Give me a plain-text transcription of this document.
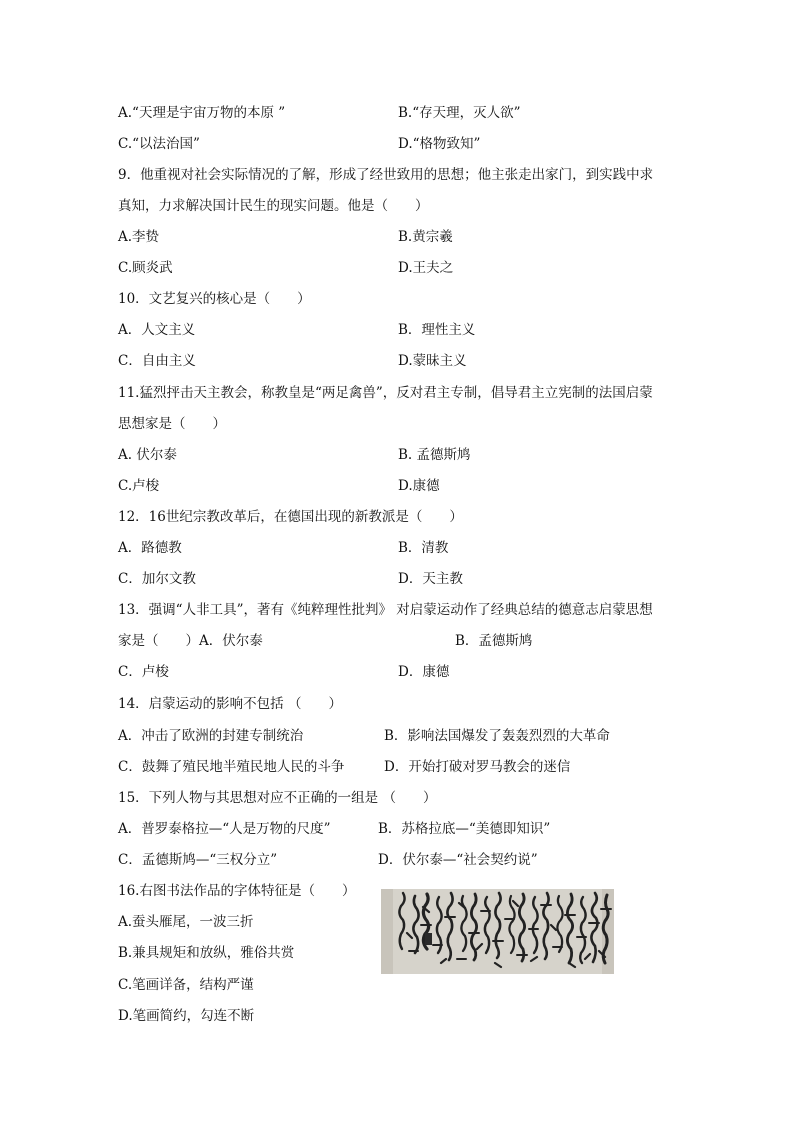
A.“天理是宇宙万物的本原 ”	B.“存天理，灭人欲”
C.“以法治国”	D.“格物致知”
9．他重视对社会实际情况的了解，形成了经世致用的思想；他主张走出家门，到实践中求
真知，力求解决国计民生的现实问题。他是（　　）
A.李贽	B.黄宗羲
C.顾炎武	D.王夫之
10．文艺复兴的核心是（　　）
A．人文主义	B．理性主义
C．自由主义	D.蒙昧主义
11.猛烈抨击天主教会，称教皇是“两足禽兽”，反对君主专制，倡导君主立宪制的法国启蒙
思想家是（　　）
A. 伏尔泰	B. 孟德斯鸠
C.卢梭	D.康德
12．16世纪宗教改革后，在德国出现的新教派是（　　）
A．路德教	B．清教
C．加尔文教	D．天主教
13．强调“人非工具”，著有《纯粹理性批判》 对启蒙运动作了经典总结的德意志启蒙思想
家是（　　）A．伏尔泰	B．孟德斯鸠
C．卢梭	D．康德
14．启蒙运动的影响不包括 （　　）
A．冲击了欧洲的封建专制统治	B．影响法国爆发了轰轰烈烈的大革命
C．鼓舞了殖民地半殖民地人民的斗争	D．开始打破对罗马教会的迷信
15．下列人物与其思想对应不正确的一组是 （　　）
A．普罗泰格拉—“人是万物的尺度”	B．苏格拉底—“美德即知识”
C．孟德斯鸠—“三权分立”	D．伏尔泰—“社会契约说”
16.右图书法作品的字体特征是（　　）
A.蚕头雁尾，一波三折
B.兼具规矩和放纵，雅俗共赏
C.笔画详备，结构严谨
D.笔画简约，勾连不断
